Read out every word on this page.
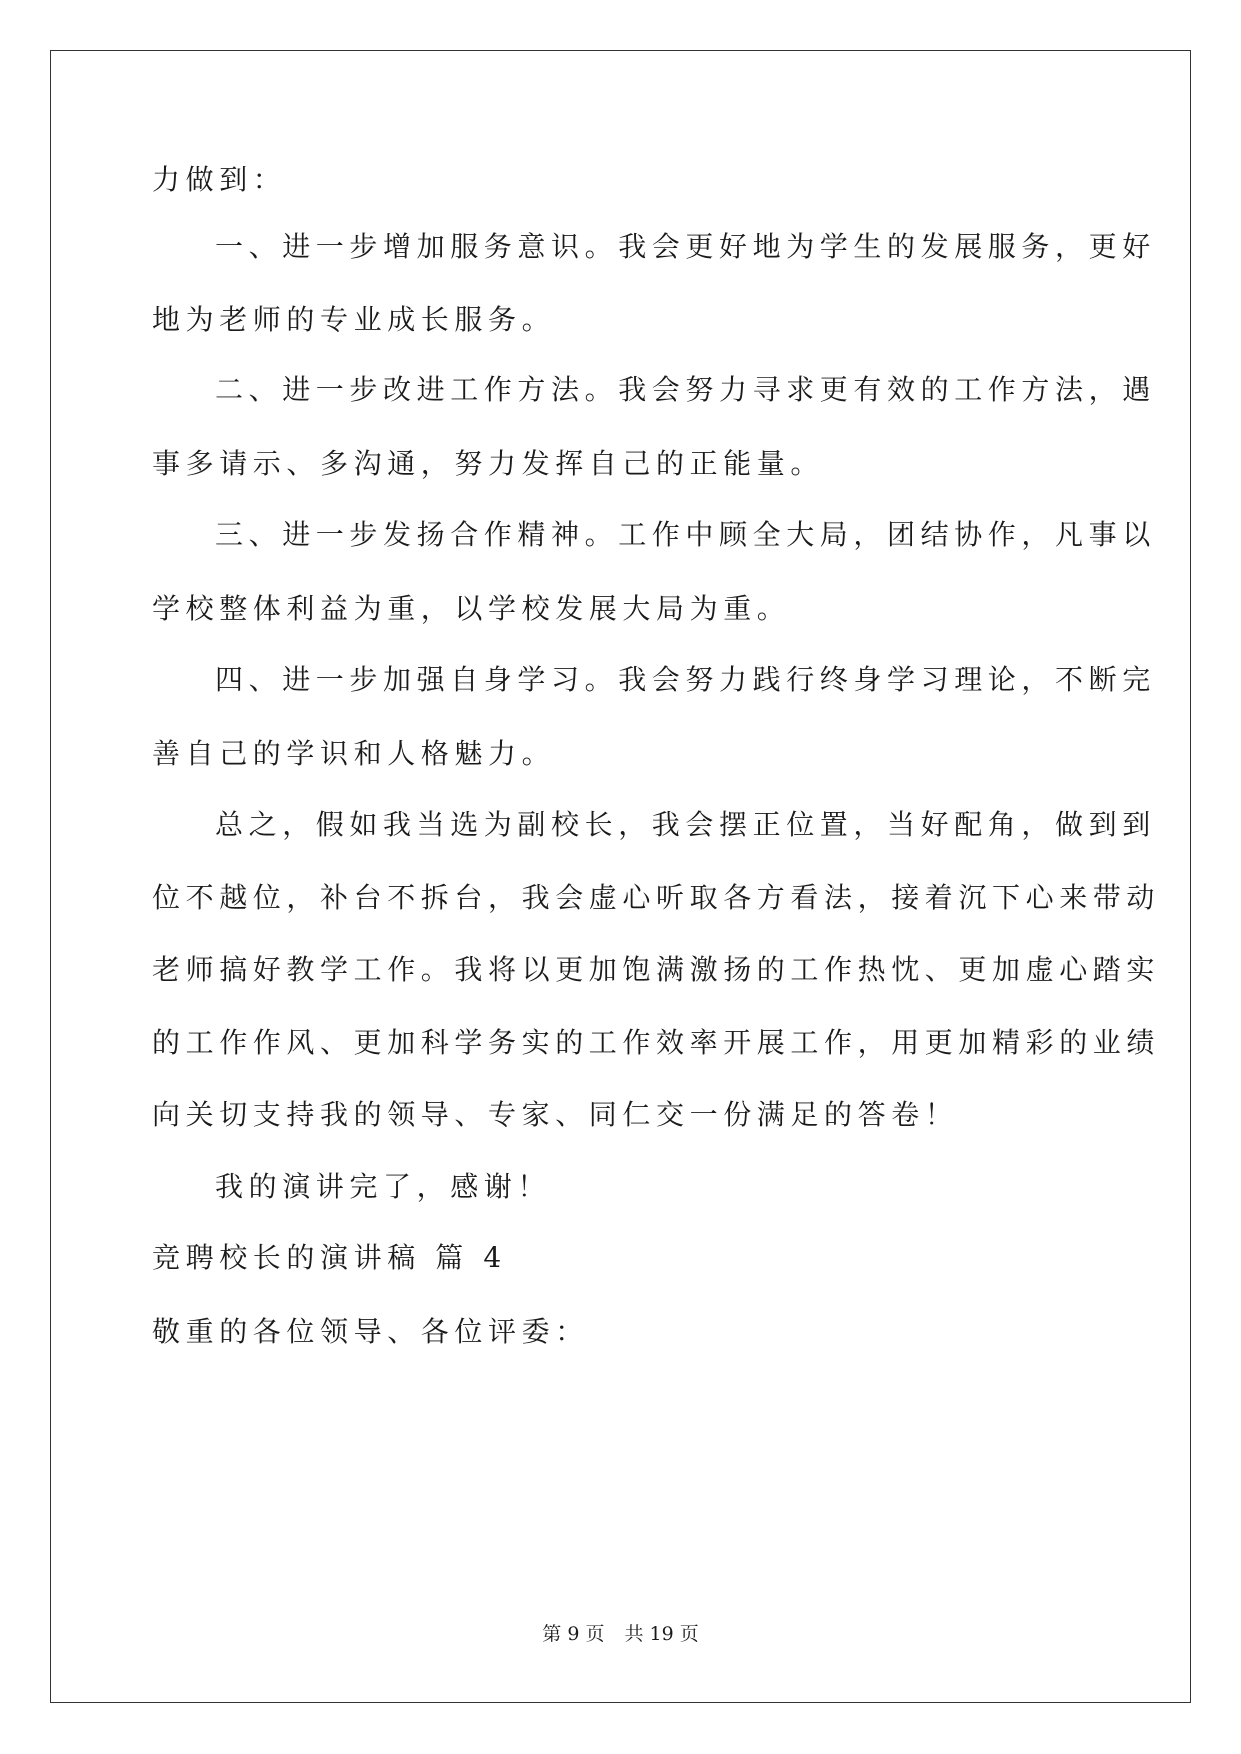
力做到：
一、进一步增加服务意识。我会更好地为学生的发展服务，更好
地为老师的专业成长服务。
二、进一步改进工作方法。我会努力寻求更有效的工作方法，遇
事多请示、多沟通，努力发挥自己的正能量。
三、进一步发扬合作精神。工作中顾全大局，团结协作，凡事以
学校整体利益为重，以学校发展大局为重。
四、进一步加强自身学习。我会努力践行终身学习理论，不断完
善自己的学识和人格魅力。
总之，假如我当选为副校长，我会摆正位置，当好配角，做到到
位不越位，补台不拆台，我会虚心听取各方看法，接着沉下心来带动
老师搞好教学工作。我将以更加饱满激扬的工作热忱、更加虚心踏实
的工作作风、更加科学务实的工作效率开展工作，用更加精彩的业绩
向关切支持我的领导、专家、同仁交一份满足的答卷！
我的演讲完了，感谢！
竞聘校长的演讲稿 篇 4
敬重的各位领导、各位评委：
第 9 页 共 19 页
